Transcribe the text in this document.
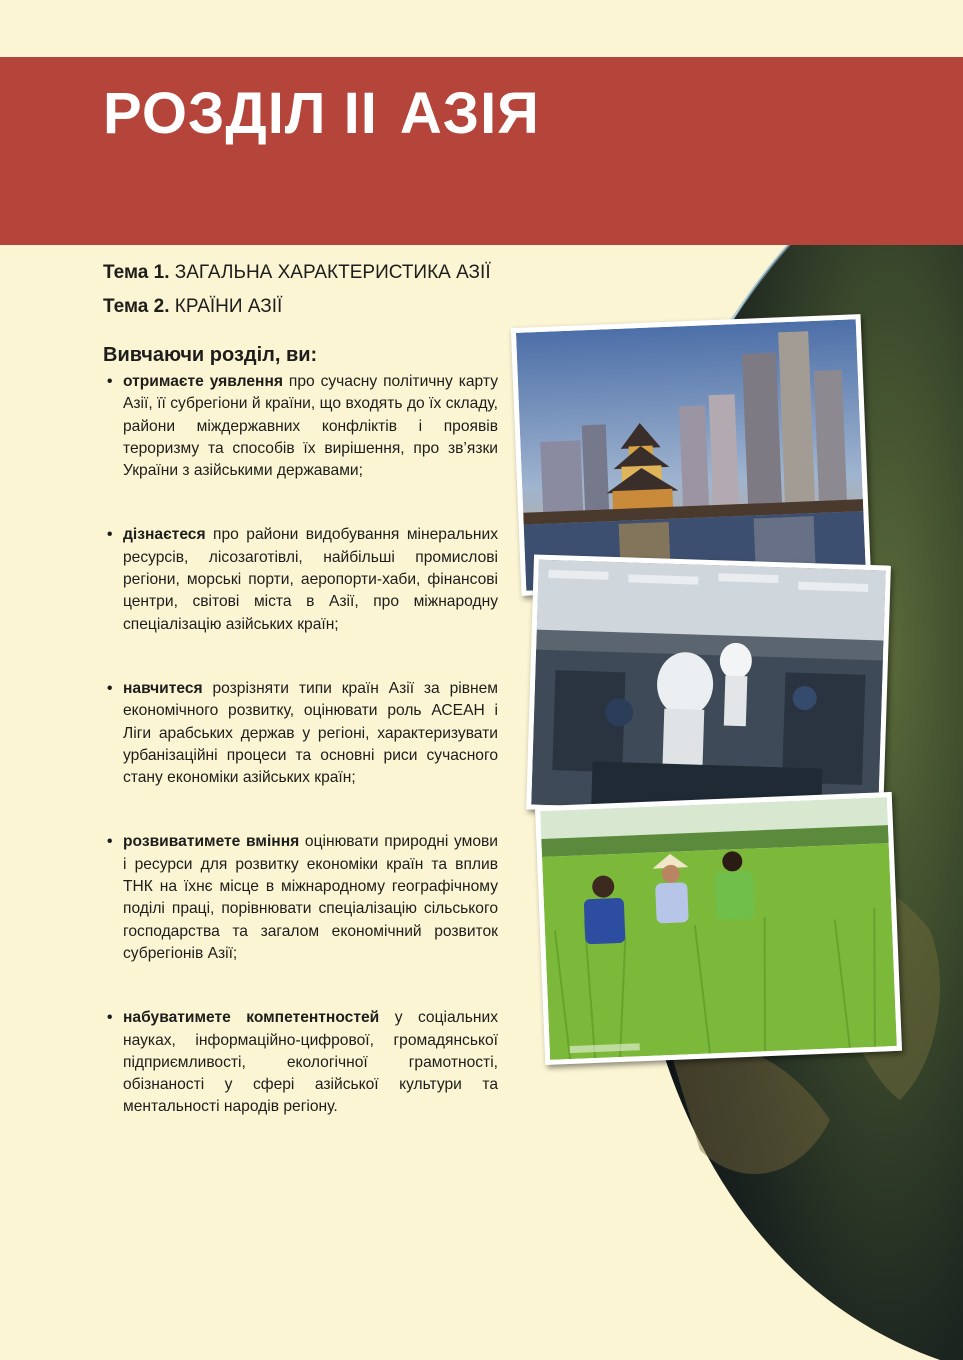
РОЗДІЛ II АЗІЯ
Тема 1. ЗАГАЛЬНА ХАРАКТЕРИСТИКА АЗІЇ
Тема 2. КРАЇНИ АЗІЇ
Вивчаючи розділ, ви:
• отримаєте уявлення про сучасну політичну карту Азії, її субрегіони й країни, що входять до їх складу, райони міждержавних конфліктів і проявів тероризму та способів їх вирішення, про зв’язки України з азійськими державами;
• дізнаєтеся про райони видобування мінеральних ресурсів, лісозаготівлі, найбільші промислові регіони, морські порти, аеропорти-хаби, фінансові центри, світові міста в Азії, про міжнародну спеціалізацію азійських країн;
• навчитеся розрізняти типи країн Азії за рівнем економічного розвитку, оцінювати роль АСЕАН і Ліги арабських держав у регіоні, характеризувати урбанізаційні процеси та основні риси сучасного стану економіки азійських країн;
• розвиватимете вміння оцінювати природні умови і ресурси для розвитку економіки країн та вплив ТНК на їхнє місце в міжнародному географічному поділі праці, порівнювати спеціалізацію сільського господарства та загалом економічний розвиток субрегіонів Азії;
• набуватимете компетентностей у соціальних науках, інформаційно-цифрової, громадянської підприємливості, екологічної грамотності, обізнаності у сфері азійської культури та ментальності народів регіону.
